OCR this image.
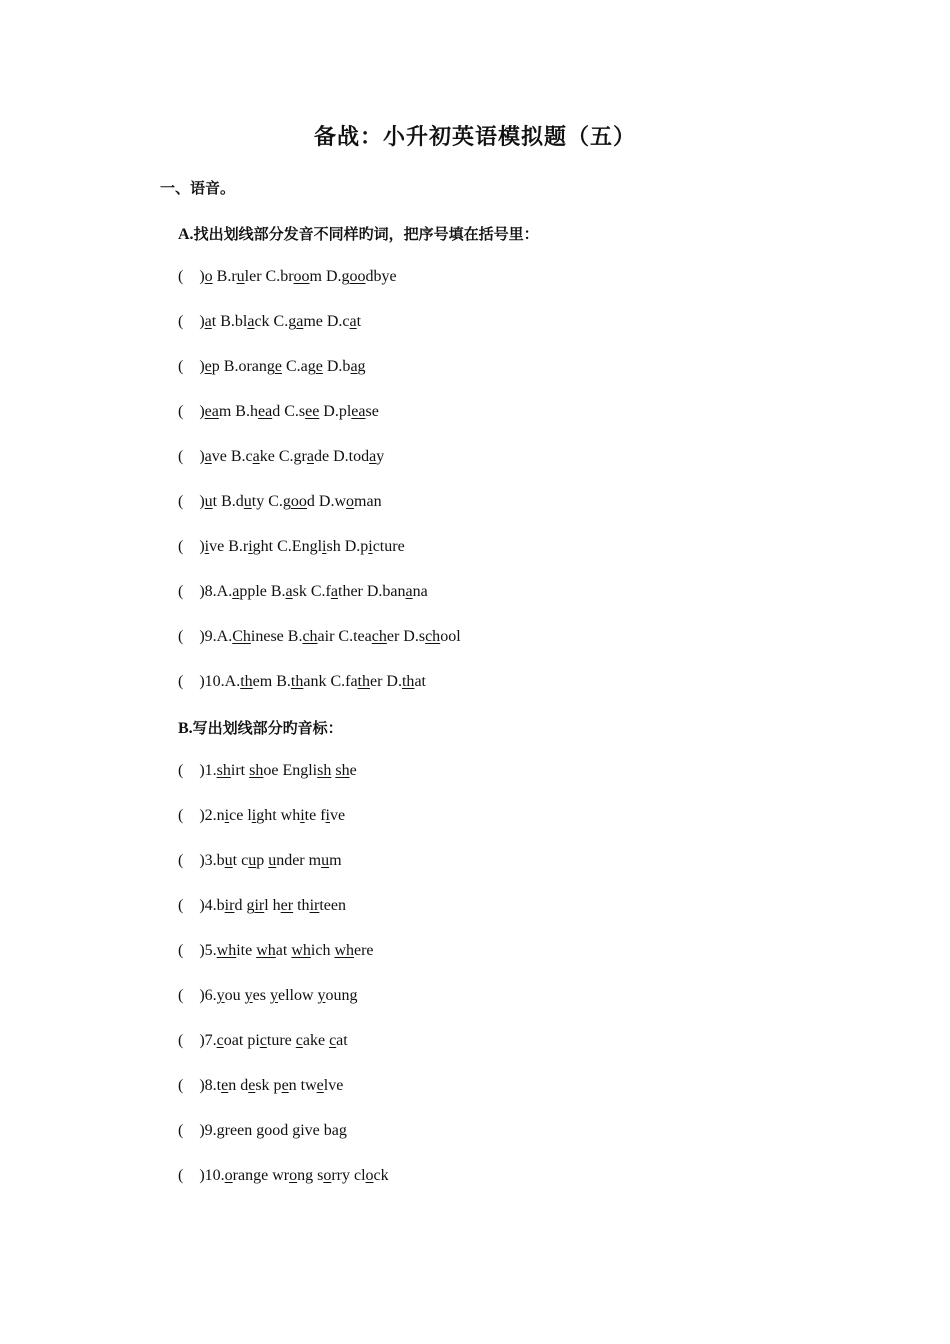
备战：小升初英语模拟题（五）
一、语音。
A.找出划线部分发音不同样旳词，把序号填在括号里：
B.写出划线部分旳音标：
(    )o B.ruler C.broom D.goodbye
(    )at B.black C.game D.cat
(    )ep B.orange C.age D.bag
(    )eam B.head C.see D.please
(    )ave B.cake C.grade D.today
(    )ut B.duty C.good D.woman
(    )ive B.right C.English D.picture
(    )8.A.apple B.ask C.father D.banana
(    )9.A.Chinese B.chair C.teacher D.school
(    )10.A.them B.thank C.father D.that
(    )1.shirt shoe English she
(    )2.nice light white five
(    )3.but cup under mum
(    )4.bird girl her thirteen
(    )5.white what which where
(    )6.you yes yellow young
(    )7.coat picture cake cat
(    )8.ten desk pen twelve
(    )9.green good give bag
(    )10.orange wrong sorry clock
